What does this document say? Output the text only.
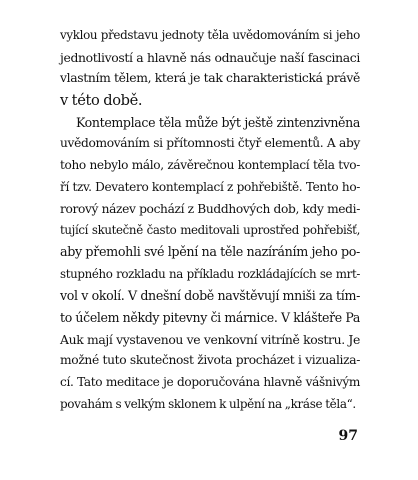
vyklou představu jednoty těla uvědomováním si jeho
jednotlivostí a hlavně nás odnaučuje naší fascinaci
vlastním tělem, která je tak charakteristická právě
v této době.
Kontemplace těla může být ještě zintenzivněna
uvědomováním si přítomnosti čtyř elementů. A aby
toho nebylo málo, závěrečnou kontemplací těla tvo-
ří tzv. Devatero kontemplací z pohřebiště. Tento ho-
rorový název pochází z Buddhových dob, kdy medi-
tující skutečně často meditovali uprostřed pohřebišť,
aby přemohli své lpění na těle nazíráním jeho po-
stupného rozkladu na příkladu rozkládajících se mrt-
vol v okolí. V dnešní době navštěvují mniši za tím-
to účelem někdy pitevny či márnice. V klášteře Pa
Auk mají vystavenou ve venkovní vitríně kostru. Je
možné tuto skutečnost života procházet i vizualiza-
cí. Tato meditace je doporučována hlavně vášnivým
povahám s velkým sklonem k ulpění na „kráse těla“.
97
